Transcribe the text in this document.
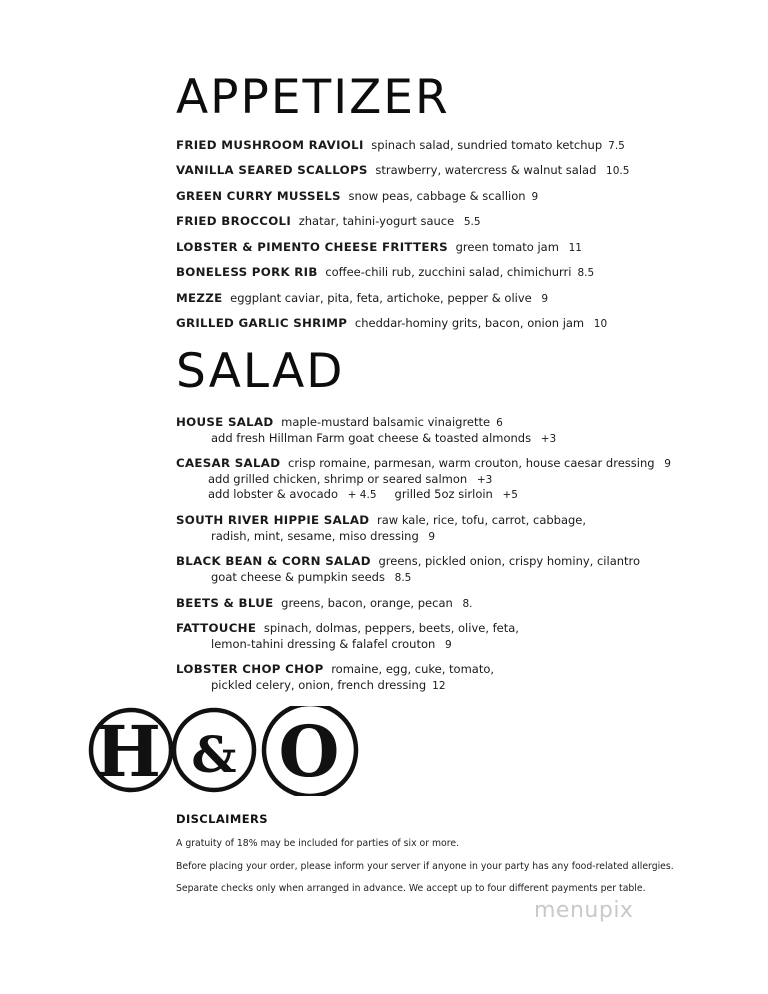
APPETIZER
FRIED MUSHROOM RAVIOLI spinach salad, sundried tomato ketchup 7.5
VANILLA SEARED SCALLOPS strawberry, watercress & walnut salad 10.5
GREEN CURRY MUSSELS snow peas, cabbage & scallion 9
FRIED BROCCOLI zhatar, tahini-yogurt sauce 5.5
LOBSTER & PIMENTO CHEESE FRITTERS green tomato jam 11
BONELESS PORK RIB coffee-chili rub, zucchini salad, chimichurri 8.5
MEZZE eggplant caviar, pita, feta, artichoke, pepper & olive 9
GRILLED GARLIC SHRIMP cheddar-hominy grits, bacon, onion jam 10
SALAD
HOUSE SALAD maple-mustard balsamic vinaigrette 6
add fresh Hillman Farm goat cheese & toasted almonds +3
CAESAR SALAD crisp romaine, parmesan, warm crouton, house caesar dressing 9
add grilled chicken, shrimp or seared salmon +3
add lobster & avocado + 4.5 grilled 5oz sirloin +5
SOUTH RIVER HIPPIE SALAD raw kale, rice, tofu, carrot, cabbage,
radish, mint, sesame, miso dressing 9
BLACK BEAN & CORN SALAD greens, pickled onion, crispy hominy, cilantro
goat cheese & pumpkin seeds 8.5
BEETS & BLUE greens, bacon, orange, pecan 8.
FATTOUCHE spinach, dolmas, peppers, beets, olive, feta,
lemon-tahini dressing & falafel crouton 9
LOBSTER CHOP CHOP romaine, egg, cuke, tomato,
pickled celery, onion, french dressing 12
H & O
DISCLAIMERS
A gratuity of 18% may be included for parties of six or more.
Before placing your order, please inform your server if anyone in your party has any food-related allergies.
Separate checks only when arranged in advance. We accept up to four different payments per table.
menupix
